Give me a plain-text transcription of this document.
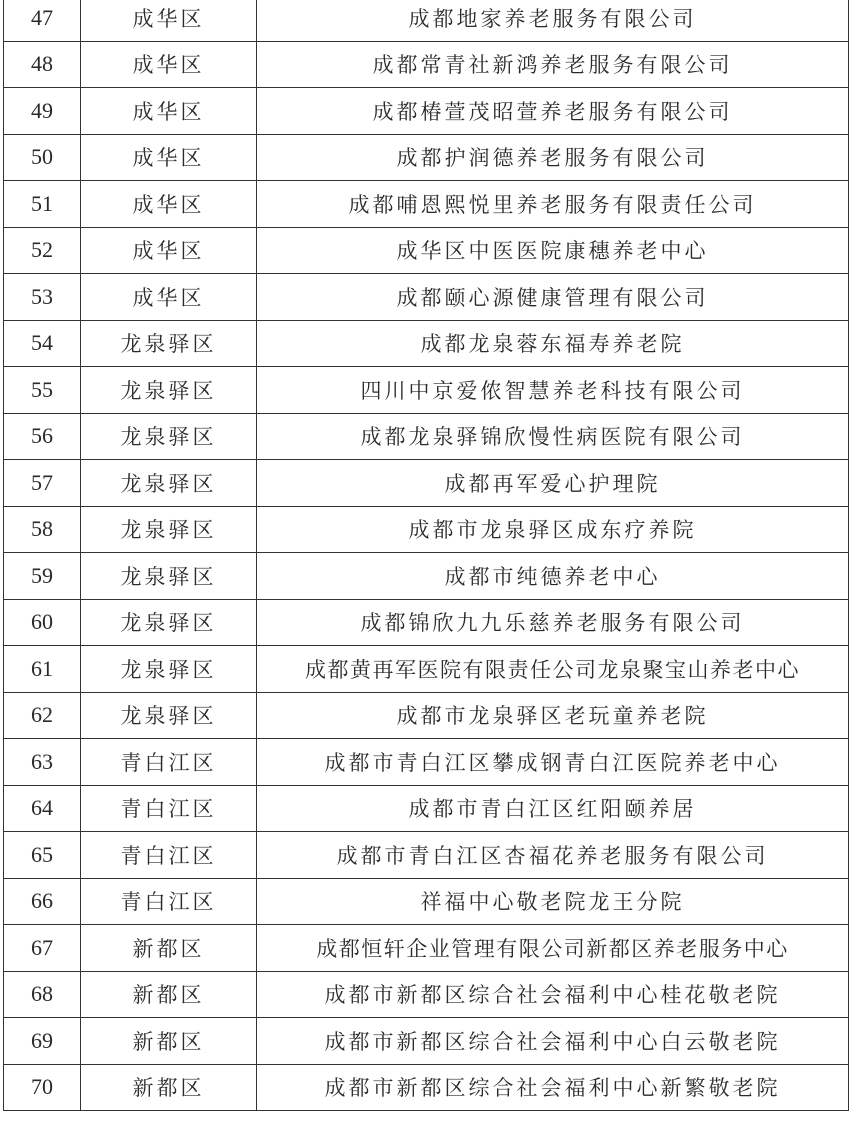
47	成华区	成都地家养老服务有限公司
48	成华区	成都常青社新鸿养老服务有限公司
49	成华区	成都椿萱茂昭萱养老服务有限公司
50	成华区	成都护润德养老服务有限公司
51	成华区	成都哺恩熙悦里养老服务有限责任公司
52	成华区	成华区中医医院康穗养老中心
53	成华区	成都颐心源健康管理有限公司
54	龙泉驿区	成都龙泉蓉东福寿养老院
55	龙泉驿区	四川中京爱侬智慧养老科技有限公司
56	龙泉驿区	成都龙泉驿锦欣慢性病医院有限公司
57	龙泉驿区	成都再军爱心护理院
58	龙泉驿区	成都市龙泉驿区成东疗养院
59	龙泉驿区	成都市纯德养老中心
60	龙泉驿区	成都锦欣九九乐慈养老服务有限公司
61	龙泉驿区	成都黄再军医院有限责任公司龙泉聚宝山养老中心
62	龙泉驿区	成都市龙泉驿区老玩童养老院
63	青白江区	成都市青白江区攀成钢青白江医院养老中心
64	青白江区	成都市青白江区红阳颐养居
65	青白江区	成都市青白江区杏福花养老服务有限公司
66	青白江区	祥福中心敬老院龙王分院
67	新都区	成都恒轩企业管理有限公司新都区养老服务中心
68	新都区	成都市新都区综合社会福利中心桂花敬老院
69	新都区	成都市新都区综合社会福利中心白云敬老院
70	新都区	成都市新都区综合社会福利中心新繁敬老院
